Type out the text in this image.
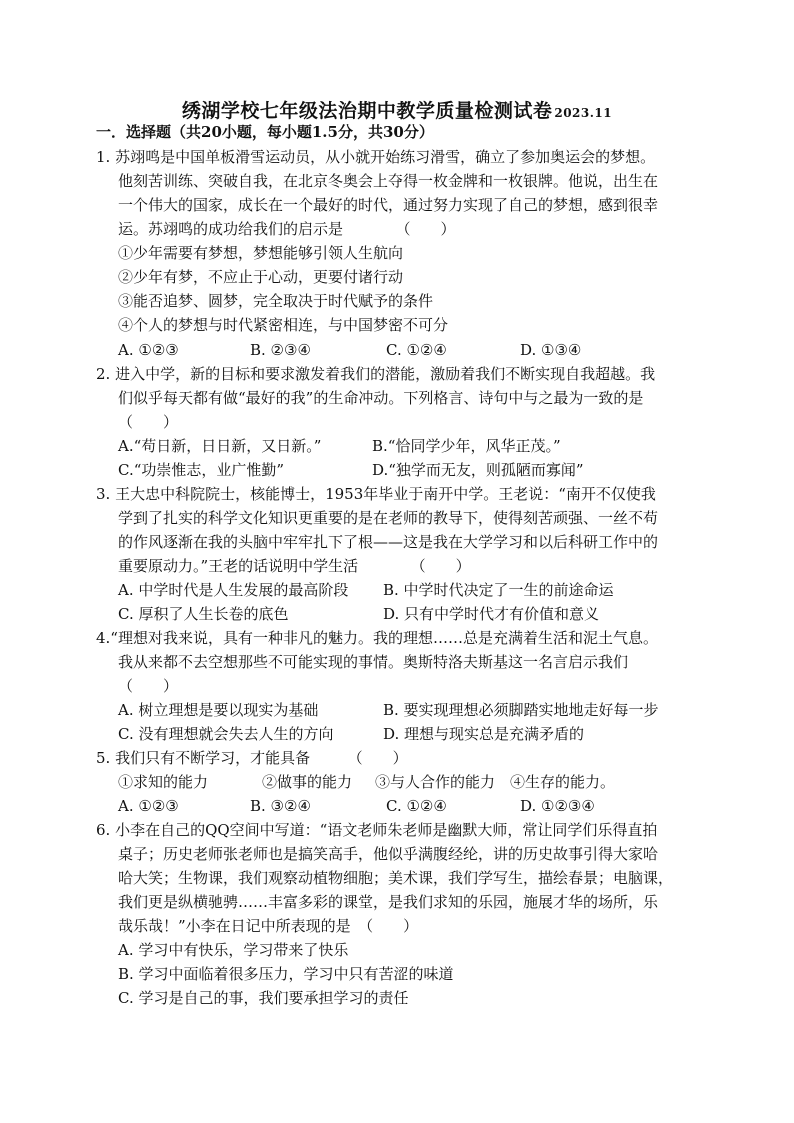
绣湖学校七年级法治期中教学质量检测试卷 2023.11
一．选择题（共20小题，每小题1.5分，共30分）
1. 苏翊鸣是中国单板滑雪运动员，从小就开始练习滑雪，确立了参加奥运会的梦想。
他刻苦训练、突破自我，在北京冬奥会上夺得一枚金牌和一枚银牌。他说，出生在
一个伟大的国家，成长在一个最好的时代，通过努力实现了自己的梦想，感到很幸
运。苏翊鸣的成功给我们的启示是　　　　（　　）
①少年需要有梦想，梦想能够引领人生航向
②少年有梦，不应止于心动，更要付诸行动
③能否追梦、圆梦，完全取决于时代赋予的条件
④个人的梦想与时代紧密相连，与中国梦密不可分
A. ①②③	B. ②③④	C. ①②④	D. ①③④
2. 进入中学，新的目标和要求激发着我们的潜能，激励着我们不断实现自我超越。我
们似乎每天都有做“最好的我”的生命冲动。下列格言、诗句中与之最为一致的是
（　　）
A.“苟日新，日日新，又日新。”	B.“恰同学少年，风华正茂。”
C.“功崇惟志，业广惟勤”	D.“独学而无友，则孤陋而寡闻”
3. 王大忠中科院院士，核能博士，1953年毕业于南开中学。王老说：“南开不仅使我
学到了扎实的科学文化知识更重要的是在老师的教导下，使得刻苦顽强、一丝不苟
的作风逐渐在我的头脑中牢牢扎下了根——这是我在大学学习和以后科研工作中的
重要原动力。”王老的话说明中学生活　　　　（　　）
A. 中学时代是人生发展的最高阶段 B. 中学时代决定了一生的前途命运
C. 厚积了人生长卷的底色	D. 只有中学时代才有价值和意义
4.“理想对我来说，具有一种非凡的魅力。我的理想……总是充满着生活和泥土气息。
我从来都不去空想那些不可能实现的事情。奥斯特洛夫斯基这一名言启示我们
（　　）
A. 树立理想是要以现实为基础	B. 要实现理想必须脚踏实地地走好每一步
C. 没有理想就会失去人生的方向	D. 理想与现实总是充满矛盾的
5. 我们只有不断学习，才能具备　　　（　　）
①求知的能力	②做事的能力 ③与人合作的能力 ④生存的能力。
A. ①②③	B. ③②④	C. ①②④	D. ①②③④
6. 小李在自己的QQ空间中写道：“语文老师朱老师是幽默大师，常让同学们乐得直拍
桌子；历史老师张老师也是搞笑高手，他似乎满腹经纶，讲的历史故事引得大家哈
哈大笑；生物课，我们观察动植物细胞；美术课，我们学写生，描绘春景；电脑课，
我们更是纵横驰骋……丰富多彩的课堂，是我们求知的乐园，施展才华的场所，乐
哉乐哉！”小李在日记中所表现的是　（　　）
A. 学习中有快乐，学习带来了快乐
B. 学习中面临着很多压力，学习中只有苦涩的味道
C. 学习是自己的事，我们要承担学习的责任
